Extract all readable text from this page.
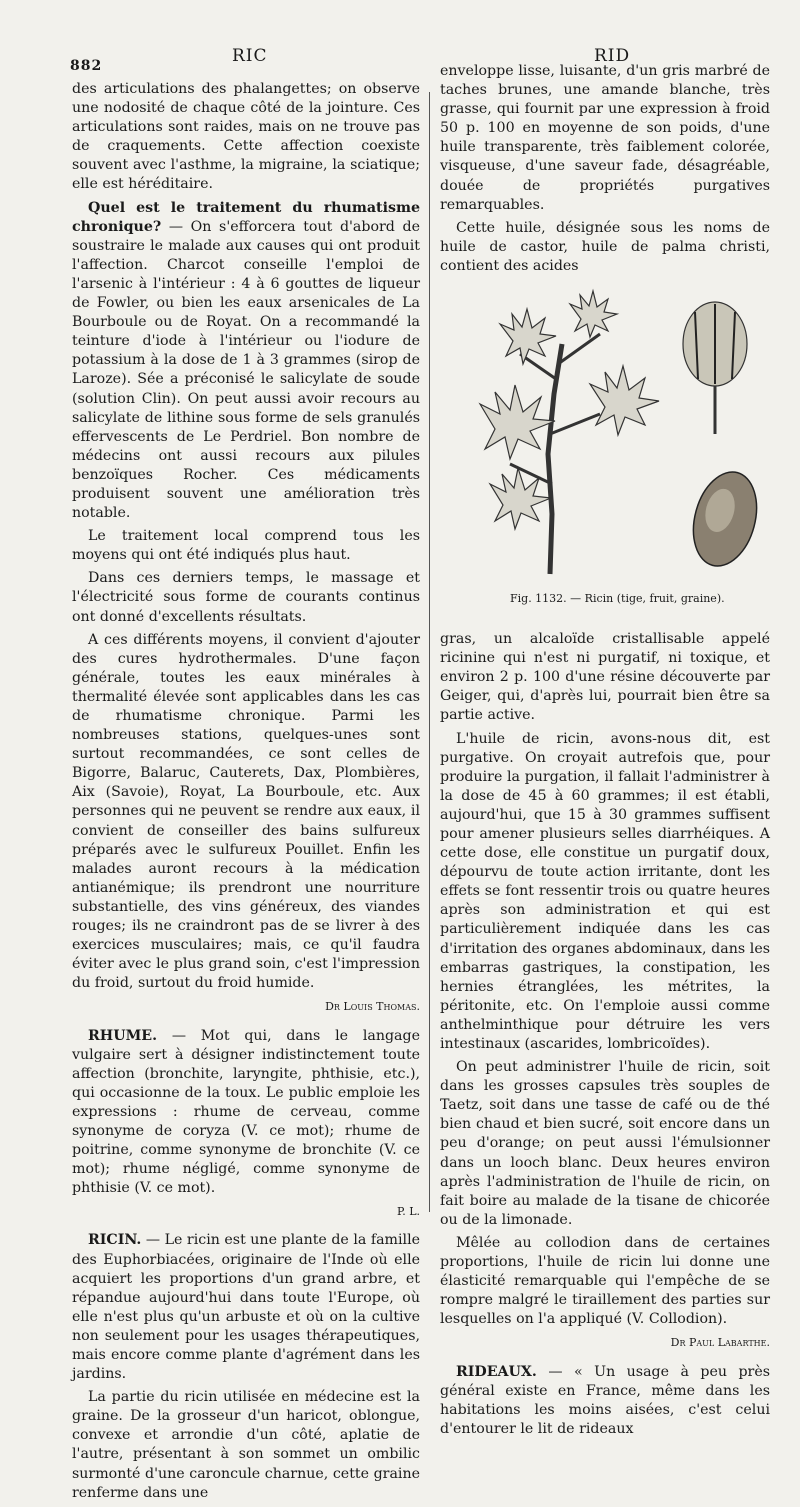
882	RIC	RID

des articulations des phalangettes; on observe une nodosité de chaque côté de la jointure. Ces articulations sont raides, mais on ne trouve pas de craquements. Cette affection coexiste souvent avec l'asthme, la migraine, la sciatique; elle est héréditaire.

Quel est le traitement du rhumatisme chronique? — On s'efforcera tout d'abord de soustraire le malade aux causes qui ont produit l'affection. Charcot conseille l'emploi de l'arsenic à l'intérieur : 4 à 6 gouttes de liqueur de Fowler, ou bien les eaux arsenicales de La Bourboule ou de Royat. On a recommandé la teinture d'iode à l'intérieur ou l'iodure de potassium à la dose de 1 à 3 grammes (sirop de Laroze). Sée a préconisé le salicylate de soude (solution Clin). On peut aussi avoir recours au salicylate de lithine sous forme de sels granulés effervescents de Le Perdriel. Bon nombre de médecins ont aussi recours aux pilules benzoïques Rocher. Ces médicaments produisent souvent une amélioration très notable.

Le traitement local comprend tous les moyens qui ont été indiqués plus haut.

Dans ces derniers temps, le massage et l'électricité sous forme de courants continus ont donné d'excellents résultats.

A ces différents moyens, il convient d'ajouter des cures hydrothermales. D'une façon générale, toutes les eaux minérales à thermalité élevée sont applicables dans les cas de rhumatisme chronique. Parmi les nombreuses stations, quelques-unes sont surtout recommandées, ce sont celles de Bigorre, Balaruc, Cauterets, Dax, Plombières, Aix (Savoie), Royat, La Bourboule, etc. Aux personnes qui ne peuvent se rendre aux eaux, il convient de conseiller des bains sulfureux préparés avec le sulfureux Pouillet. Enfin les malades auront recours à la médication antianémique; ils prendront une nourriture substantielle, des vins généreux, des viandes rouges; ils ne craindront pas de se livrer à des exercices musculaires; mais, ce qu'il faudra éviter avec le plus grand soin, c'est l'impression du froid, surtout du froid humide.

Dr Louis Thomas.

RHUME. — Mot qui, dans le langage vulgaire sert à désigner indistinctement toute affection (bronchite, laryngite, phthisie, etc.), qui occasionne de la toux. Le public emploie les expressions : rhume de cerveau, comme synonyme de coryza (V. ce mot); rhume de poitrine, comme synonyme de bronchite (V. ce mot); rhume négligé, comme synonyme de phthisie (V. ce mot).

P. L.

RICIN. — Le ricin est une plante de la famille des Euphorbiacées, originaire de l'Inde où elle acquiert les proportions d'un grand arbre, et répandue aujourd'hui dans toute l'Europe, où elle n'est plus qu'un arbuste et où on la cultive non seulement pour les usages thérapeutiques, mais encore comme plante d'agrément dans les jardins.

La partie du ricin utilisée en médecine est la graine. De la grosseur d'un haricot, oblongue, convexe et arrondie d'un côté, aplatie de l'autre, présentant à son sommet un ombilic surmonté d'une caroncule charnue, cette graine renferme dans une

enveloppe lisse, luisante, d'un gris marbré de taches brunes, une amande blanche, très grasse, qui fournit par une expression à froid 50 p. 100 en moyenne de son poids, d'une huile transparente, très faiblement colorée, visqueuse, d'une saveur fade, désagréable, douée de propriétés purgatives remarquables.

Cette huile, désignée sous les noms de huile de castor, huile de palma christi, contient des acides

Fig. 1132. — Ricin (tige, fruit, graine).

gras, un alcaloïde cristallisable appelé ricinine qui n'est ni purgatif, ni toxique, et environ 2 p. 100 d'une résine découverte par Geiger, qui, d'après lui, pourrait bien être sa partie active.

L'huile de ricin, avons-nous dit, est purgative. On croyait autrefois que, pour produire la purgation, il fallait l'administrer à la dose de 45 à 60 grammes; il est établi, aujourd'hui, que 15 à 30 grammes suffisent pour amener plusieurs selles diarrhéiques. A cette dose, elle constitue un purgatif doux, dépourvu de toute action irritante, dont les effets se font ressentir trois ou quatre heures après son administration et qui est particulièrement indiquée dans les cas d'irritation des organes abdominaux, dans les embarras gastriques, la constipation, les hernies étranglées, les métrites, la péritonite, etc. On l'emploie aussi comme anthelminthique pour détruire les vers intestinaux (ascarides, lombricoïdes).

On peut administrer l'huile de ricin, soit dans les grosses capsules très souples de Taetz, soit dans une tasse de café ou de thé bien chaud et bien sucré, soit encore dans un peu d'orange; on peut aussi l'émulsionner dans un looch blanc. Deux heures environ après l'administration de l'huile de ricin, on fait boire au malade de la tisane de chicorée ou de la limonade.

Mêlée au collodion dans de certaines proportions, l'huile de ricin lui donne une élasticité remarquable qui l'empêche de se rompre malgré le tiraillement des parties sur lesquelles on l'a appliqué (V. Collodion).

Dr Paul Labarthe.

RIDEAUX. — « Un usage à peu près général existe en France, même dans les habitations les moins aisées, c'est celui d'entourer le lit de rideaux
